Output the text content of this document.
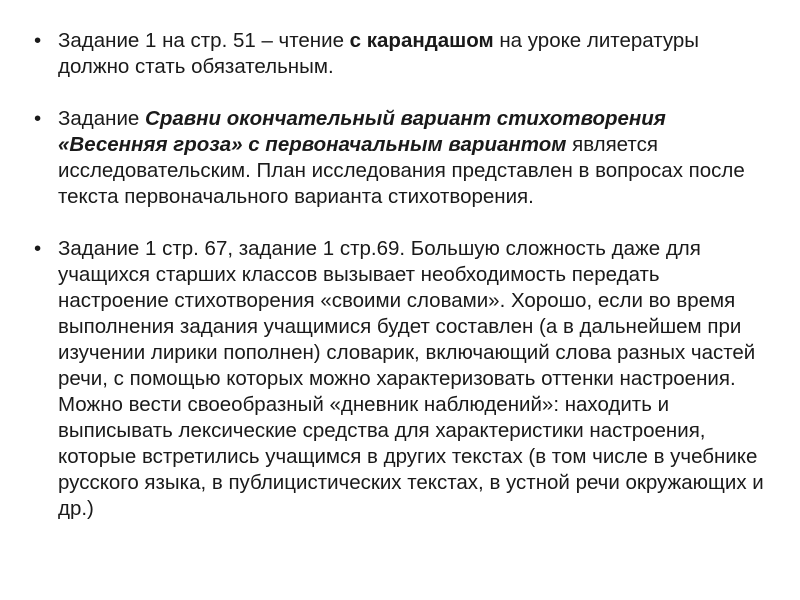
• Задание 1 на стр. 51 – чтение с карандашом на уроке литературы должно стать обязательным.
• Задание Сравни окончательный вариант стихотворения «Весенняя гроза» с первоначальным вариантом является исследовательским. План исследования представлен в вопросах после текста первоначального варианта стихотворения.
• Задание 1 стр. 67, задание 1 стр.69. Большую сложность даже для учащихся старших классов вызывает необходимость передать настроение стихотворения «своими словами». Хорошо, если во время выполнения задания учащимися будет составлен (а в дальнейшем при изучении лирики пополнен) словарик, включающий слова разных частей речи, с помощью которых можно характеризовать оттенки настроения. Можно вести своеобразный «дневник наблюдений»: находить и выписывать лексические средства для характеристики настроения, которые встретились учащимся в других текстах (в том числе в учебнике русского языка, в публицистических текстах, в устной речи окружающих и др.)
